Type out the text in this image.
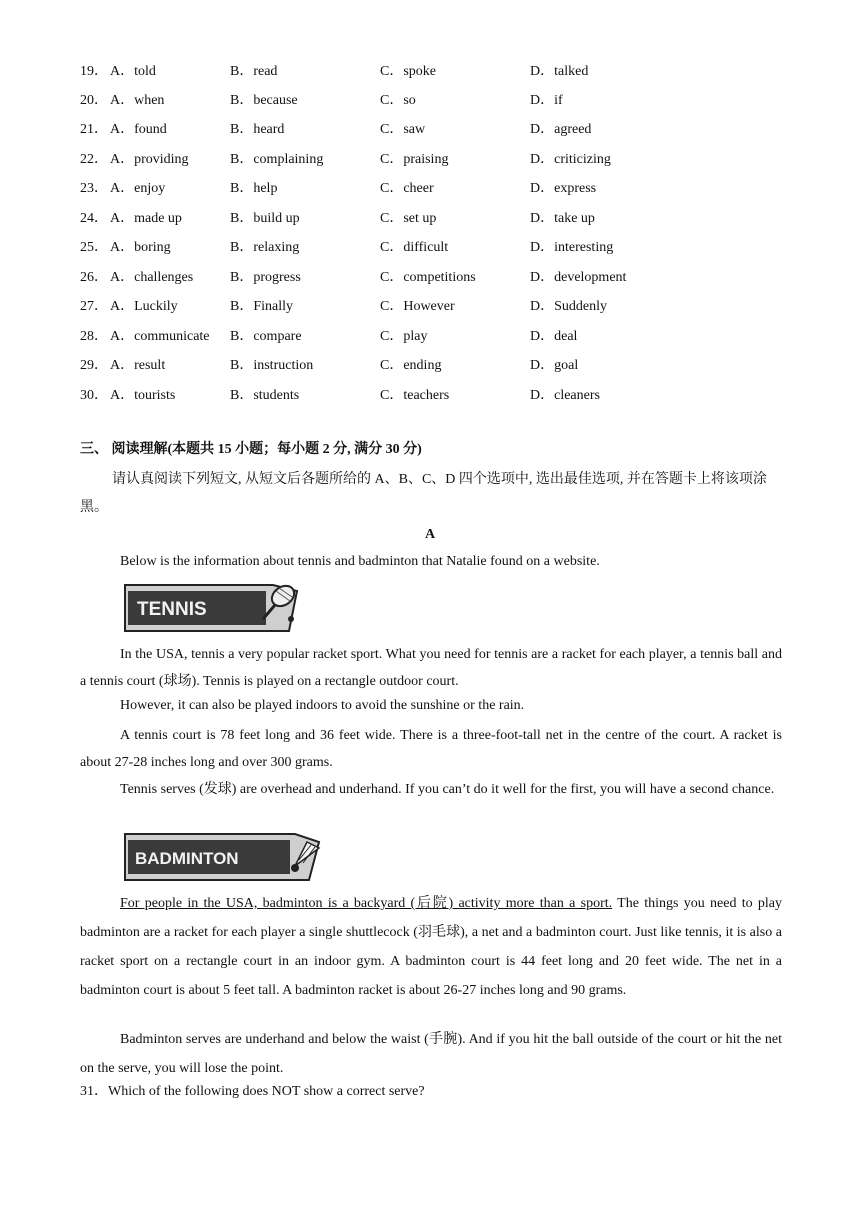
19． A．told	B．read	C．spoke	D．talked
20． A．when	B．because	C．so	D．if
21． A．found	B．heard	C．saw	D．agreed
22． A．providing	B．complaining	C．praising	D．criticizing
23． A．enjoy	B．help	C．cheer	D．express
24． A．made up	B．build up	C．set up	D．take up
25． A．boring	B．relaxing	C．difficult	D．interesting
26． A．challenges	B．progress	C．competitions	D．development
27． A．Luckily	B．Finally	C．However	D．Suddenly
28． A．communicate B．compare	C．play	D．deal
29． A．result	B．instruction	C．ending	D．goal
30． A．tourists	B．students	C．teachers	D．cleaners
三、 阅读理解(本题共 15 小题；每小题 2 分, 满分 30 分)
请认真阅读下列短文, 从短文后各题所给的 A、B、C、D 四个选项中, 选出最佳选项, 并在答题卡上将该项涂黑。
A
Below is the information about tennis and badminton that Natalie found on a website.
TENNIS
In the USA, tennis a very popular racket sport. What you need for tennis are a racket for each player, a tennis ball and a tennis court (球场). Tennis is played on a rectangle outdoor court.
However, it can also be played indoors to avoid the sunshine or the rain.
A tennis court is 78 feet long and 36 feet wide. There is a three-foot-tall net in the centre of the court. A racket is about 27-28 inches long and over 300 grams.
Tennis serves (发球) are overhead and underhand. If you can’t do it well for the first, you will have a second chance.
BADMINTON
For people in the USA, badminton is a backyard (后院) activity more than a sport. The things you need to play badminton are a racket for each player a single shuttlecock (羽毛球), a net and a badminton court. Just like tennis, it is also a racket sport on a rectangle court in an indoor gym. A badminton court is 44 feet long and 20 feet wide. The net in a badminton court is about 5 feet tall. A badminton racket is about 26-27 inches long and 90 grams.
Badminton serves are underhand and below the waist (手腕). And if you hit the ball outside of the court or hit the net on the serve, you will lose the point.
31．Which of the following does NOT show a correct serve?
